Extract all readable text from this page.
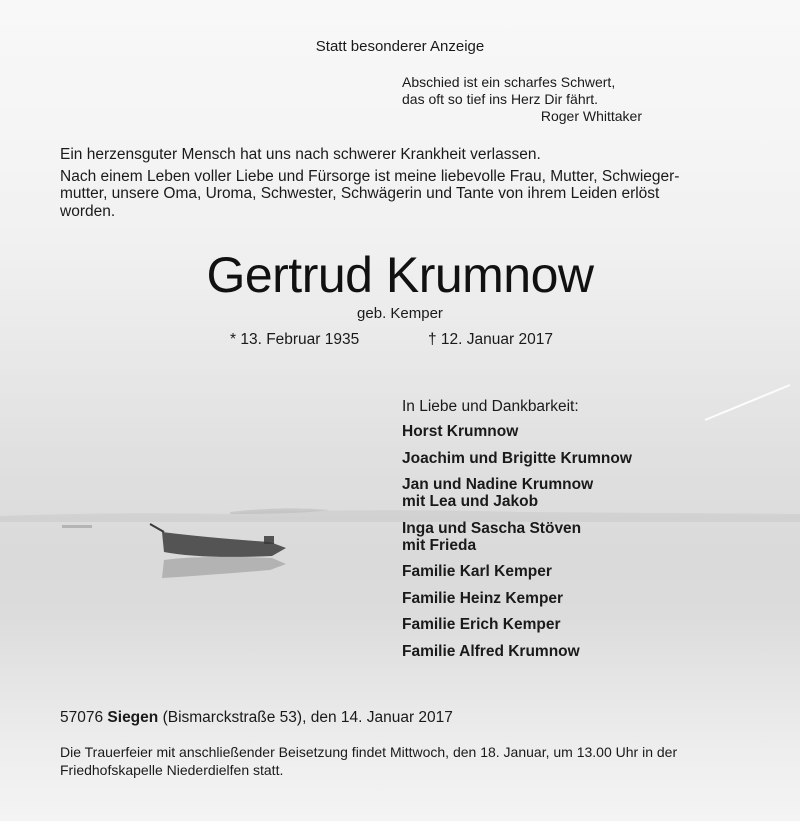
Statt besonderer Anzeige
Abschied ist ein scharfes Schwert,
das oft so tief ins Herz Dir fährt.

Roger Whittaker

Ein herzensguter Mensch hat uns nach schwerer Krankheit verlassen.

Nach einem Leben voller Liebe und Fürsorge ist meine liebevolle Frau, Mutter, Schwieger-
mutter, unsere Oma, Uroma, Schwester, Schwägerin und Tante von ihrem Leiden erlöst
worden.

Gertrud Krumnow
geb. Kemper
* 13. Februar 1935	† 12. Januar 2017

In Liebe und Dankbarkeit:

Horst Krumnow
Joachim und Brigitte Krumnow
Jan und Nadine Krumnow
mit Lea und Jakob
Inga und Sascha Stöven
mit Frieda
Familie Karl Kemper
Familie Heinz Kemper
Familie Erich Kemper
Familie Alfred Krumnow
57076 Siegen (Bismarckstraße 53), den 14. Januar 2017
Die Trauerfeier mit anschließender Beisetzung findet Mittwoch, den 18. Januar, um 13.00 Uhr in der
Friedhofskapelle Niederdielfen statt.
